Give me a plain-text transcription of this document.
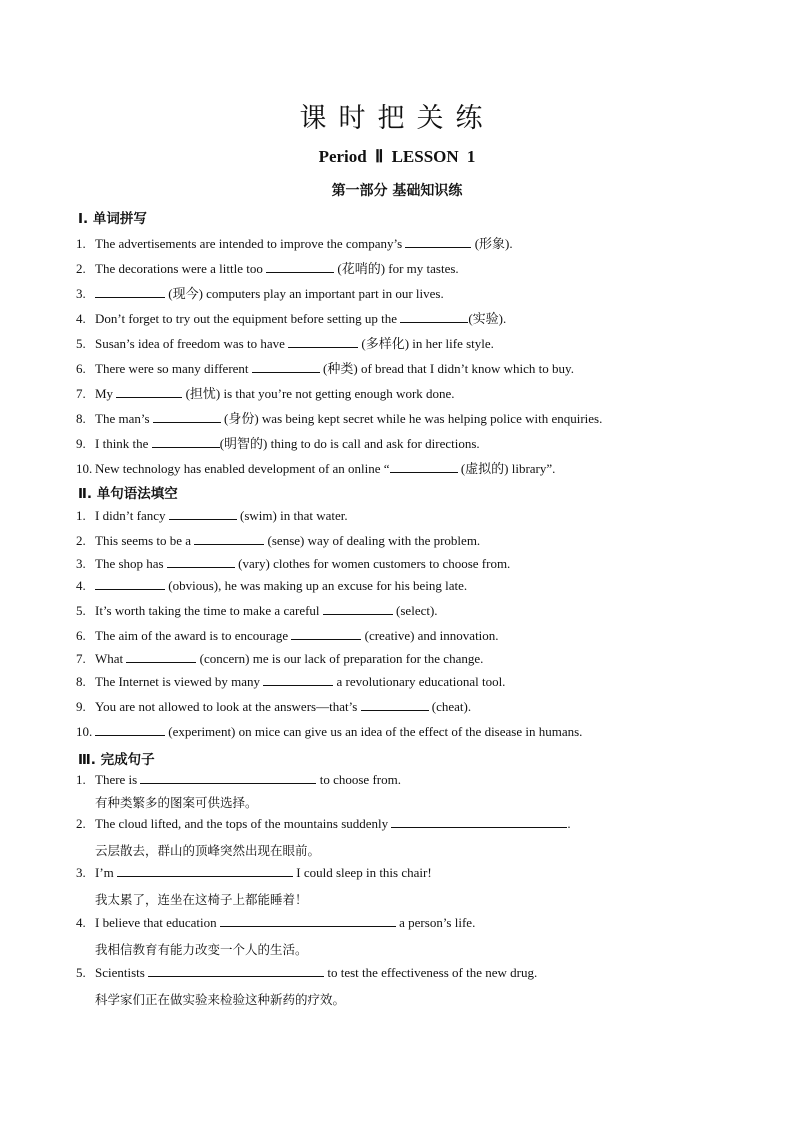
课时把关练
Period Ⅱ LESSON 1
第一部分 基础知识练
Ⅰ. 单词拼写
1. The advertisements are intended to improve the company’s	(形象).
2. The decorations were a little too	(花哨的) for my tastes.
3.	(现今) computers play an important part in our lives.
4. Don’t forget to try out the equipment before setting up the	(实验).
5. Susan’s idea of freedom was to have	(多样化) in her life style.
6. There were so many different	(种类) of bread that I didn’t know which to buy.
7. My	(担忧) is that you’re not getting enough work done.
8. The man’s	(身份) was being kept secret while he was helping police with enquiries.
9. I think the	(明智的) thing to do is call and ask for directions.
10. New technology has enabled development of an online “	(虚拟的) library”.
Ⅱ. 单句语法填空
1. I didn’t fancy	(swim) in that water.
2. This seems to be a	(sense) way of dealing with the problem.
3. The shop has	(vary) clothes for women customers to choose from.
4.	(obvious), he was making up an excuse for his being late.
5. It’s worth taking the time to make a careful	(select).
6. The aim of the award is to encourage	(creative) and innovation.
7. What	(concern) me is our lack of preparation for the change.
8. The Internet is viewed by many	a revolutionary educational tool.
9. You are not allowed to look at the answers—that’s	(cheat).
10.	(experiment) on mice can give us an idea of the effect of the disease in humans.
Ⅲ. 完成句子
1. There is	to choose from.
有种类繁多的图案可供选择。
2. The cloud lifted, and the tops of the mountains suddenly	.
云层散去，群山的顶峰突然出现在眼前。
3. I’m	I could sleep in this chair!
我太累了，连坐在这椅子上都能睡着！
4. I believe that education	a person’s life.
我相信教育有能力改变一个人的生活。
5. Scientists	to test the effectiveness of the new drug.
科学家们正在做实验来检验这种新药的疗效。
